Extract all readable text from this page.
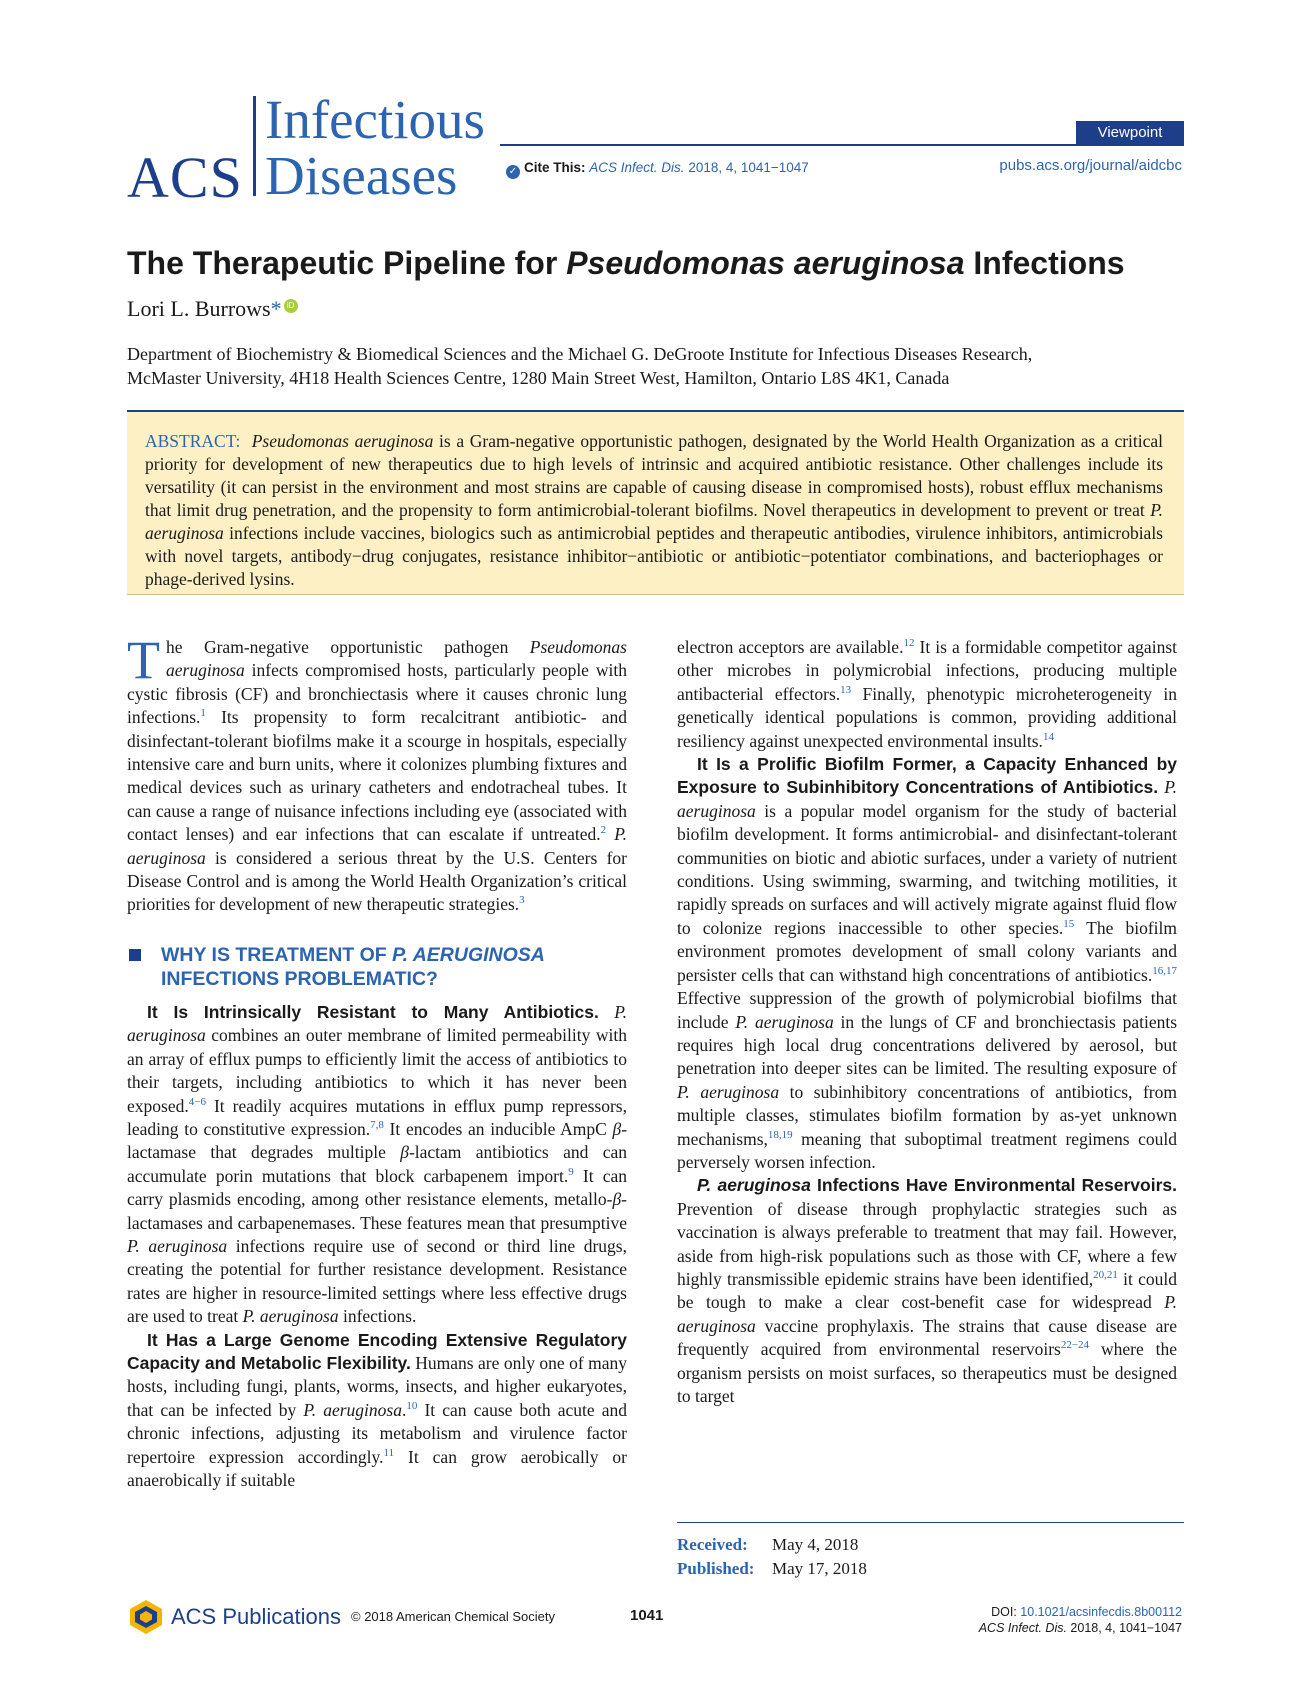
ACS
Infectious
Diseases
Viewpoint
✓ Cite This: ACS Infect. Dis. 2018, 4, 1041−1047	pubs.acs.org/journal/aidcbc
The Therapeutic Pipeline for Pseudomonas aeruginosa Infections
Lori L. Burrows* iD
Department of Biochemistry & Biomedical Sciences and the Michael G. DeGroote Institute for Infectious Diseases Research,
McMaster University, 4H18 Health Sciences Centre, 1280 Main Street West, Hamilton, Ontario L8S 4K1, Canada

ABSTRACT: Pseudomonas aeruginosa is a Gram-negative opportunistic pathogen, designated by the World Health Organization as a critical priority for development of new therapeutics due to high levels of intrinsic and acquired antibiotic resistance. Other challenges include its versatility (it can persist in the environment and most strains are capable of causing disease in compromised hosts), robust efflux mechanisms that limit drug penetration, and the propensity to form antimicrobial-tolerant biofilms. Novel therapeutics in development to prevent or treat P. aeruginosa infections include vaccines, biologics such as antimicrobial peptides and therapeutic antibodies, virulence inhibitors, antimicrobials with novel targets, antibody−drug conjugates, resistance inhibitor−antibiotic or antibiotic−potentiator combinations, and bacteriophages or phage-derived lysins.

The Gram-negative opportunistic pathogen Pseudomonas aeruginosa infects compromised hosts, particularly people with cystic fibrosis (CF) and bronchiectasis where it causes chronic lung infections.$^1$ Its propensity to form recalcitrant antibiotic- and disinfectant-tolerant biofilms make it a scourge in hospitals, especially intensive care and burn units, where it colonizes plumbing fixtures and medical devices such as urinary catheters and endotracheal tubes. It can cause a range of nuisance infections including eye (associated with contact lenses) and ear infections that can escalate if untreated.$^2$ P. aeruginosa is considered a serious threat by the U.S. Centers for Disease Control and is among the World Health Organization’s critical priorities for development of new therapeutic strategies.$^3$

WHY IS TREATMENT OF P. AERUGINOSA INFECTIONS PROBLEMATIC?

It Is Intrinsically Resistant to Many Antibiotics. P. aeruginosa combines an outer membrane of limited permeability with an array of efflux pumps to efficiently limit the access of antibiotics to their targets, including antibiotics to which it has never been exposed.$^{4-6}$ It readily acquires mutations in efflux pump repressors, leading to constitutive expression.$^{7,8}$ It encodes an inducible AmpC β-lactamase that degrades multiple β-lactam antibiotics and can accumulate porin mutations that block carbapenem import.$^9$ It can carry plasmids encoding, among other resistance elements, metallo-β-lactamases and carbapenemases. These features mean that presumptive P. aeruginosa infections require use of second or third line drugs, creating the potential for further resistance development. Resistance rates are higher in resource-limited settings where less effective drugs are used to treat P. aeruginosa infections.

It Has a Large Genome Encoding Extensive Regulatory Capacity and Metabolic Flexibility. Humans are only one of many hosts, including fungi, plants, worms, insects, and higher eukaryotes, that can be infected by P. aeruginosa.$^{10}$ It can cause both acute and chronic infections, adjusting its metabolism and virulence factor repertoire expression accordingly.$^{11}$ It can grow aerobically or anaerobically if suitable

electron acceptors are available.$^{12}$ It is a formidable competitor against other microbes in polymicrobial infections, producing multiple antibacterial effectors.$^{13}$ Finally, phenotypic microheterogeneity in genetically identical populations is common, providing additional resiliency against unexpected environmental insults.$^{14}$

It Is a Prolific Biofilm Former, a Capacity Enhanced by Exposure to Subinhibitory Concentrations of Antibiotics. P. aeruginosa is a popular model organism for the study of bacterial biofilm development. It forms antimicrobial- and disinfectant-tolerant communities on biotic and abiotic surfaces, under a variety of nutrient conditions. Using swimming, swarming, and twitching motilities, it rapidly spreads on surfaces and will actively migrate against fluid flow to colonize regions inaccessible to other species.$^{15}$ The biofilm environment promotes development of small colony variants and persister cells that can withstand high concentrations of antibiotics.$^{16,17}$ Effective suppression of the growth of polymicrobial biofilms that include P. aeruginosa in the lungs of CF and bronchiectasis patients requires high local drug concentrations delivered by aerosol, but penetration into deeper sites can be limited. The resulting exposure of P. aeruginosa to subinhibitory concentrations of antibiotics, from multiple classes, stimulates biofilm formation by as-yet unknown mechanisms,$^{18,19}$ meaning that suboptimal treatment regimens could perversely worsen infection.

P. aeruginosa Infections Have Environmental Reservoirs. Prevention of disease through prophylactic strategies such as vaccination is always preferable to treatment that may fail. However, aside from high-risk populations such as those with CF, where a few highly transmissible epidemic strains have been identified,$^{20,21}$ it could be tough to make a clear cost-benefit case for widespread P. aeruginosa vaccine prophylaxis. The strains that cause disease are frequently acquired from environmental reservoirs$^{22-24}$ where the organism persists on moist surfaces, so therapeutics must be designed to target

Received: May 4, 2018
Published: May 17, 2018
ACS Publications © 2018 American Chemical Society	1041	DOI: 10.1021/acsinfecdis.8b00112
ACS Infect. Dis. 2018, 4, 1041−1047
